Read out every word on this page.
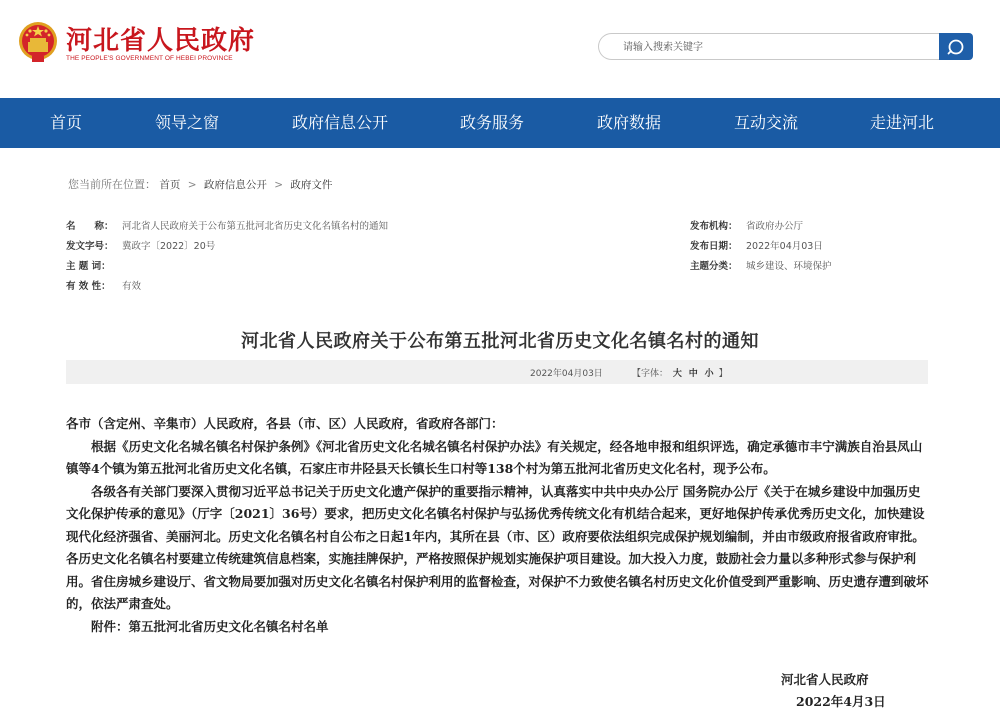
河北省人民政府
THE PEOPLE'S GOVERNMENT OF HEBEI PROVINCE
请输入搜索关键字
首页	领导之窗	政府信息公开	政务服务	政府数据	互动交流	走进河北
您当前所在位置： 首页 > 政府信息公开 > 政府文件
名　　称： 河北省人民政府关于公布第五批河北省历史文化名镇名村的通知
发文字号： 冀政字〔2022〕20号
主 题 词：
有 效 性： 有效
发布机构： 省政府办公厅
发布日期： 2022年04月03日
主题分类： 城乡建设、环境保护
河北省人民政府关于公布第五批河北省历史文化名镇名村的通知
2022年04月03日	【字体： 大 中 小 】

各市（含定州、辛集市）人民政府，各县（市、区）人民政府，省政府各部门：

根据《历史文化名城名镇名村保护条例》《河北省历史文化名城名镇名村保护办法》有关规定，经各地申报和组织评选，确定承德市丰宁满族自治县凤山镇等4个镇为第五批河北省历史文化名镇，石家庄市井陉县天长镇长生口村等138个村为第五批河北省历史文化名村，现予公布。

各级各有关部门要深入贯彻习近平总书记关于历史文化遗产保护的重要指示精神，认真落实中共中央办公厅 国务院办公厅《关于在城乡建设中加强历史文化保护传承的意见》（厅字〔2021〕36号）要求，把历史文化名镇名村保护与弘扬优秀传统文化有机结合起来，更好地保护传承优秀历史文化，加快建设现代化经济强省、美丽河北。历史文化名镇名村自公布之日起1年内，其所在县（市、区）政府要依法组织完成保护规划编制，并由市级政府报省政府审批。各历史文化名镇名村要建立传统建筑信息档案，实施挂牌保护，严格按照保护规划实施保护项目建设。加大投入力度，鼓励社会力量以多种形式参与保护利用。省住房城乡建设厅、省文物局要加强对历史文化名镇名村保护利用的监督检查，对保护不力致使名镇名村历史文化价值受到严重影响、历史遗存遭到破坏的，依法严肃查处。

附件：第五批河北省历史文化名镇名村名单

河北省人民政府
2022年4月3日
